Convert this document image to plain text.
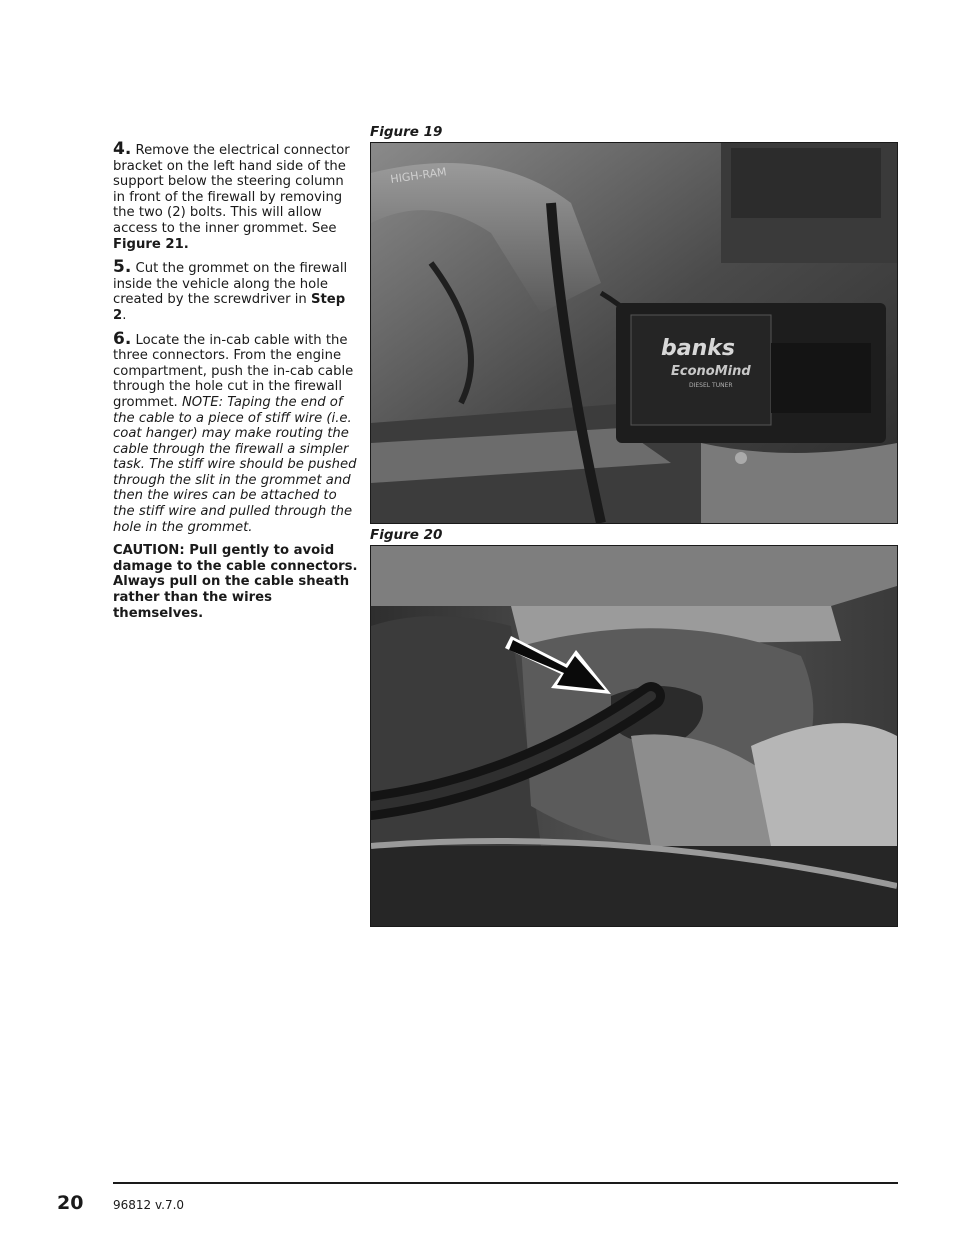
4. Remove the electrical connector bracket on the left hand side of the support below the steering column in front of the firewall by removing the two (2) bolts. This will allow access to the inner grommet. See Figure 21.

5. Cut the grommet on the firewall inside the vehicle along the hole created by the screwdriver in Step 2.

6. Locate the in-cab cable with the three connectors. From the engine compartment, push the in-cab cable through the hole cut in the firewall grommet. NOTE: Taping the end of the cable to a piece of stiff wire (i.e. coat hanger) may make routing the cable through the firewall a simpler task. The stiff wire should be pushed through the slit in the grommet and then the wires can be attached to the stiff wire and pulled through the hole in the grommet.

CAUTION: Pull gently to avoid damage to the cable connectors. Always pull on the cable sheath rather than the wires themselves.

Figure 19
HIGH-RAM
banks
EconoMind
DIESEL TUNER
Figure 20
20 96812 v.7.0
